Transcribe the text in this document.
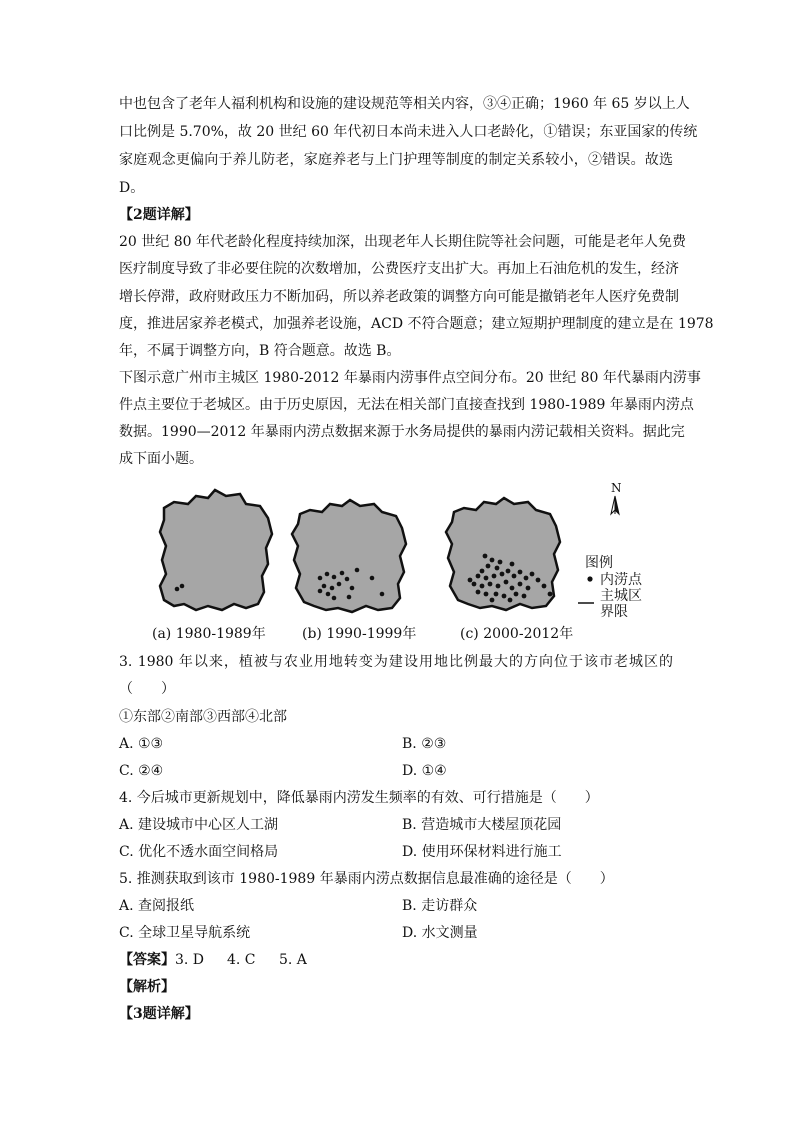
中也包含了老年人福利机构和设施的建设规范等相关内容，③④正确；1960 年 65 岁以上人
口比例是 5.70%，故 20 世纪 60 年代初日本尚未进入人口老龄化，①错误；东亚国家的传统
家庭观念更偏向于养儿防老，家庭养老与上门护理等制度的制定关系较小，②错误。故选
D。
【2题详解】
20 世纪 80 年代老龄化程度持续加深，出现老年人长期住院等社会问题，可能是老年人免费
医疗制度导致了非必要住院的次数增加，公费医疗支出扩大。再加上石油危机的发生，经济
增长停滞，政府财政压力不断加码，所以养老政策的调整方向可能是撤销老年人医疗免费制
度，推进居家养老模式，加强养老设施，ACD 不符合题意；建立短期护理制度的建立是在 1978
年，不属于调整方向，B 符合题意。故选 B。
下图示意广州市主城区 1980-2012 年暴雨内涝事件点空间分布。20 世纪 80 年代暴雨内涝事
件点主要位于老城区。由于历史原因，无法在相关部门直接查找到 1980-1989 年暴雨内涝点
数据。1990—2012 年暴雨内涝点数据来源于水务局提供的暴雨内涝记载相关资料。据此完
成下面小题。
(a) 1980-1989年	(b) 1990-1999年	(c) 2000-2012年
N
图例
内涝点
主城区
界限
3. 1980 年以来，植被与农业用地转变为建设用地比例最大的方向位于该市老城区的
（　　）
①东部②南部③西部④北部
A. ①③	B. ②③
C. ②④	D. ①④
4. 今后城市更新规划中，降低暴雨内涝发生频率的有效、可行措施是（　　）
A. 建设城市中心区人工湖	B. 营造城市大楼屋顶花园
C. 优化不透水面空间格局	D. 使用环保材料进行施工
5. 推测获取到该市 1980-1989 年暴雨内涝点数据信息最准确的途径是（　　）
A. 查阅报纸	B. 走访群众
C. 全球卫星导航系统	D. 水文测量
【答案】 3. D 4. C 5. A
【解析】
【3题详解】
